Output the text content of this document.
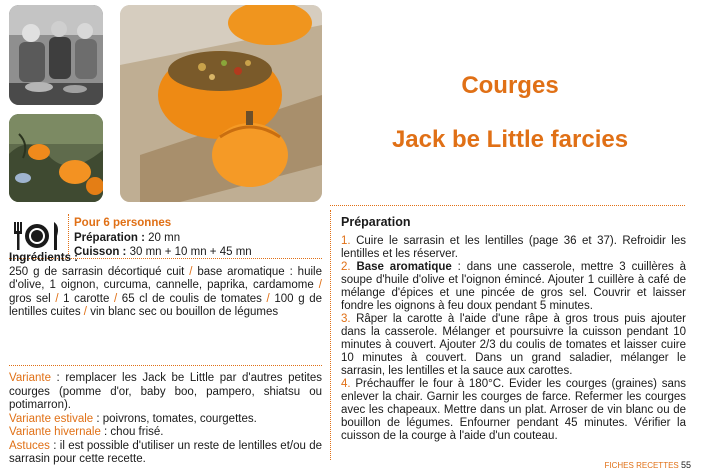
Courges
Jack be Little farcies
Pour 6 personnes
Préparation : 20 mn
Cuisson : 30 mn + 10 mn + 45 mn
Ingrédients :
250 g de sarrasin décortiqué cuit / base aromatique : huile d'olive, 1 oignon, curcuma, cannelle, paprika, cardamome / gros sel / 1 carotte / 65 cl de coulis de tomates / 100 g de lentilles cuites / vin blanc sec ou bouillon de légumes
Variante : remplacer les Jack be Little par d'autres petites courges (pomme d'or, baby boo, pampero, shiatsu ou potimarron).
Variante estivale : poivrons, tomates, courgettes.
Variante hivernale : chou frisé.
Astuces : il est possible d'utiliser un reste de lentilles et/ou de sarrasin pour cette recette.
Préparation

1. Cuire le sarrasin et les lentilles (page 36 et 37). Refroidir les lentilles et les réserver.

2. Base aromatique : dans une casserole, mettre 3 cuillères à soupe d'huile d'olive et l'oignon émincé. Ajouter 1 cuillère à café de mélange d'épices et une pincée de gros sel. Couvrir et laisser fondre les oignons à feu doux pendant 5 minutes.

3. Râper la carotte à l'aide d'une râpe à gros trous puis ajouter dans la casserole. Mélanger et poursuivre la cuisson pendant 10 minutes à couvert. Ajouter 2/3 du coulis de tomates et laisser cuire 10 minutes à couvert. Dans un grand saladier, mélanger le sarrasin, les lentilles et la sauce aux carottes.

4. Préchauffer le four à 180°C. Evider les courges (graines) sans enlever la chair. Garnir les courges de farce. Refermer les courges avec les chapeaux. Mettre dans un plat. Arroser de vin blanc ou de bouillon de légumes. Enfourner pendant 45 minutes. Vérifier la cuisson de la courge à l'aide d'un couteau.

FICHES RECETTES 55
